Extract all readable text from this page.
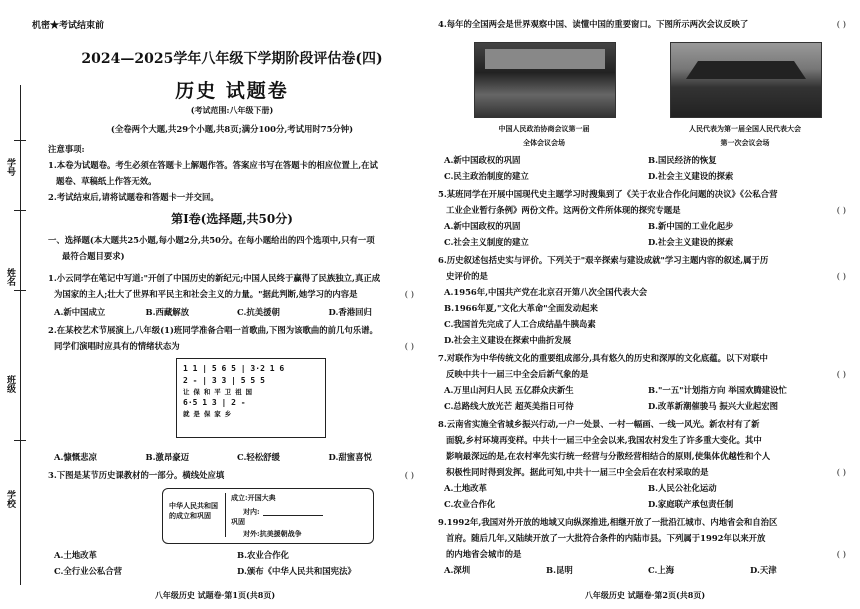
学号
姓名
班级
学校
机密★考试结束前
2024—2025学年八年级下学期阶段评估卷(四)
历史 试题卷
(考试范围:八年级下册)
(全卷两个大题,共29个小题,共8页;满分100分,考试用时75分钟)
注意事项:
1.本卷为试题卷。考生必须在答题卡上解题作答。答案应书写在答题卡的相应位置上,在试
题卷、草稿纸上作答无效。
2.考试结束后,请将试题卷和答题卡一并交回。
第Ⅰ卷(选择题,共50分)
一、选择题(本大题共25小题,每小题2分,共50分。在每小题给出的四个选项中,只有一项
最符合题目要求)
1.小云同学在笔记中写道:"开创了中国历史的新纪元;中国人民终于赢得了民族独立,真正成
为国家的主人;壮大了世界和平民主和社会主义的力量。"据此判断,她学习的内容是	( )
A.新中国成立	B.西藏解放	C.抗美援朝	D.香港回归
2.在某校艺术节展演上,八年级(1)班同学准备合唱一首歌曲,下图为该歌曲的前几句乐谱。
同学们演唱时应具有的情绪状态为	( )
1 1 | 5 6 5 | 3·2 1 6
2 - | 3 3 | 5 5 5
让 保 和 平 卫 祖 国
6·5 1 3 | 2 -
就 是 保 家 乡
A.慷慨悲凉	B.激昂豪迈	C.轻松舒缓	D.甜蜜喜悦
3.下图是某节历史课教材的一部分。横线处应填	( )
中华人民共和国的成立和巩固
成立:开国大典
对内:
巩固
对外:抗美援朝战争
A.土地改革	B.农业合作化
C.全行业公私合营	D.颁布《中华人民共和国宪法》
八年级历史 试题卷·第1页(共8页)
4.每年的全国两会是世界观察中国、读懂中国的重要窗口。下图所示两次会议反映了	( )
中国人民政治协商会议第一届
全体会议会场
人民代表为第一届全国人民代表大会
第一次会议会场
A.新中国政权的巩固	B.国民经济的恢复
C.民主政治制度的建立	D.社会主义建设的探索
5.某班同学在开展中国现代史主题学习时搜集到了《关于农业合作化问题的决议》《公私合营
工业企业暂行条例》两份文件。这两份文件所体现的探究专题是	( )
A.新中国政权的巩固	B.新中国的工业化起步
C.社会主义制度的建立	D.社会主义建设的探索
6.历史叙述包括史实与评价。下列关于"艰辛探索与建设成就"学习主题内容的叙述,属于历
史评价的是	( )
A.1956年,中国共产党在北京召开第八次全国代表大会
B.1966年夏,"文化大革命"全面发动起来
C.我国首先完成了人工合成结晶牛胰岛素
D.社会主义建设在探索中曲折发展
7.对联作为中华传统文化的重要组成部分,具有悠久的历史和深厚的文化底蕴。以下对联中
反映中共十一届三中全会后新气象的是	( )
A.万里山河归人民 五亿群众庆新生	B."一五"计划指方向 举国欢腾建设忙
C.总路线大放光芒 超英美指日可待	D.改革新潮催骏马 振兴大业起宏图
8.云南省实施全省城乡振兴行动,一户一处景、一村一幅画、一线一风光。新农村有了新
面貌,乡村环境再变样。中共十一届三中全会以来,我国农村发生了许多重大变化。其中
影响最深远的是,在农村率先实行统一经营与分散经营相结合的原则,使集体优越性和个人
积极性同时得到发挥。据此可知,中共十一届三中全会后在农村采取的是	( )
A.土地改革	B.人民公社化运动
C.农业合作化	D.家庭联产承包责任制
9.1992年,我国对外开放的地域又向纵深推进,相继开放了一批沿江城市、内地省会和自治区
首府。随后几年,又陆续开放了一大批符合条件的内陆市县。下列属于1992年以来开放
的内地省会城市的是	( )
A.深圳	B.昆明	C.上海	D.天津
八年级历史 试题卷·第2页(共8页)
